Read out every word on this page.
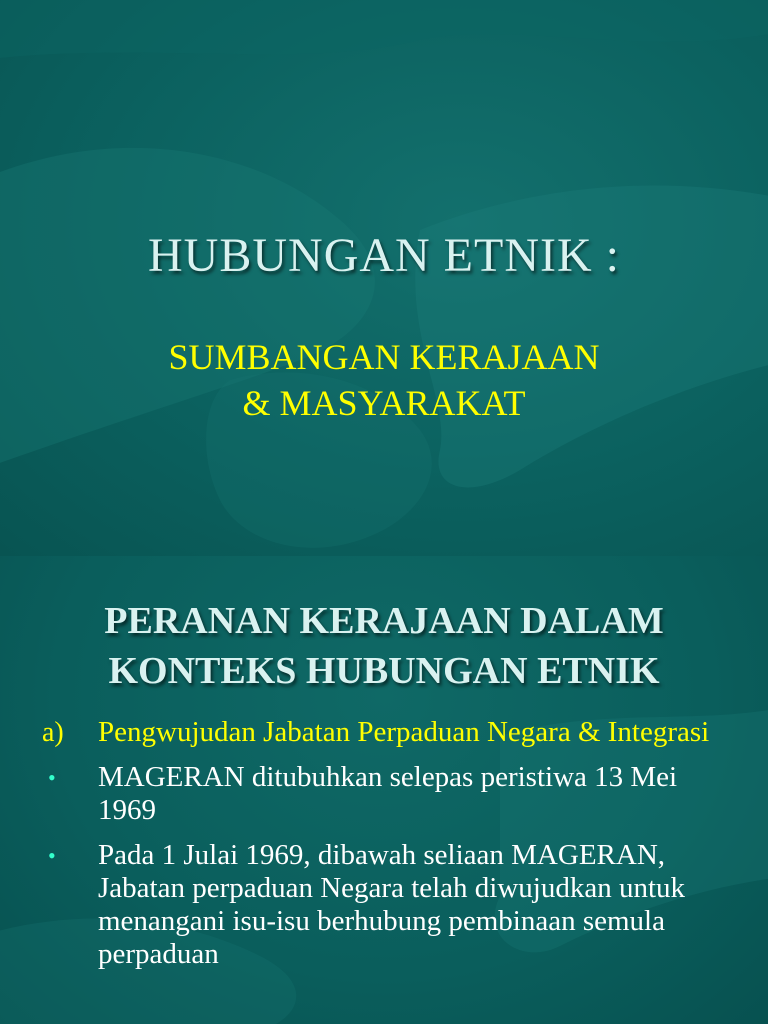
HUBUNGAN ETNIK :
SUMBANGAN KERAJAAN
& MASYARAKAT
PERANAN KERAJAAN DALAM
KONTEKS HUBUNGAN ETNIK
a)	Pengwujudan Jabatan Perpaduan Negara & Integrasi
•	MAGERAN ditubuhkan selepas peristiwa 13 Mei 1969
•	Pada 1 Julai 1969, dibawah seliaan MAGERAN, Jabatan perpaduan Negara telah diwujudkan untuk menangani isu-isu berhubung pembinaan semula perpaduan
